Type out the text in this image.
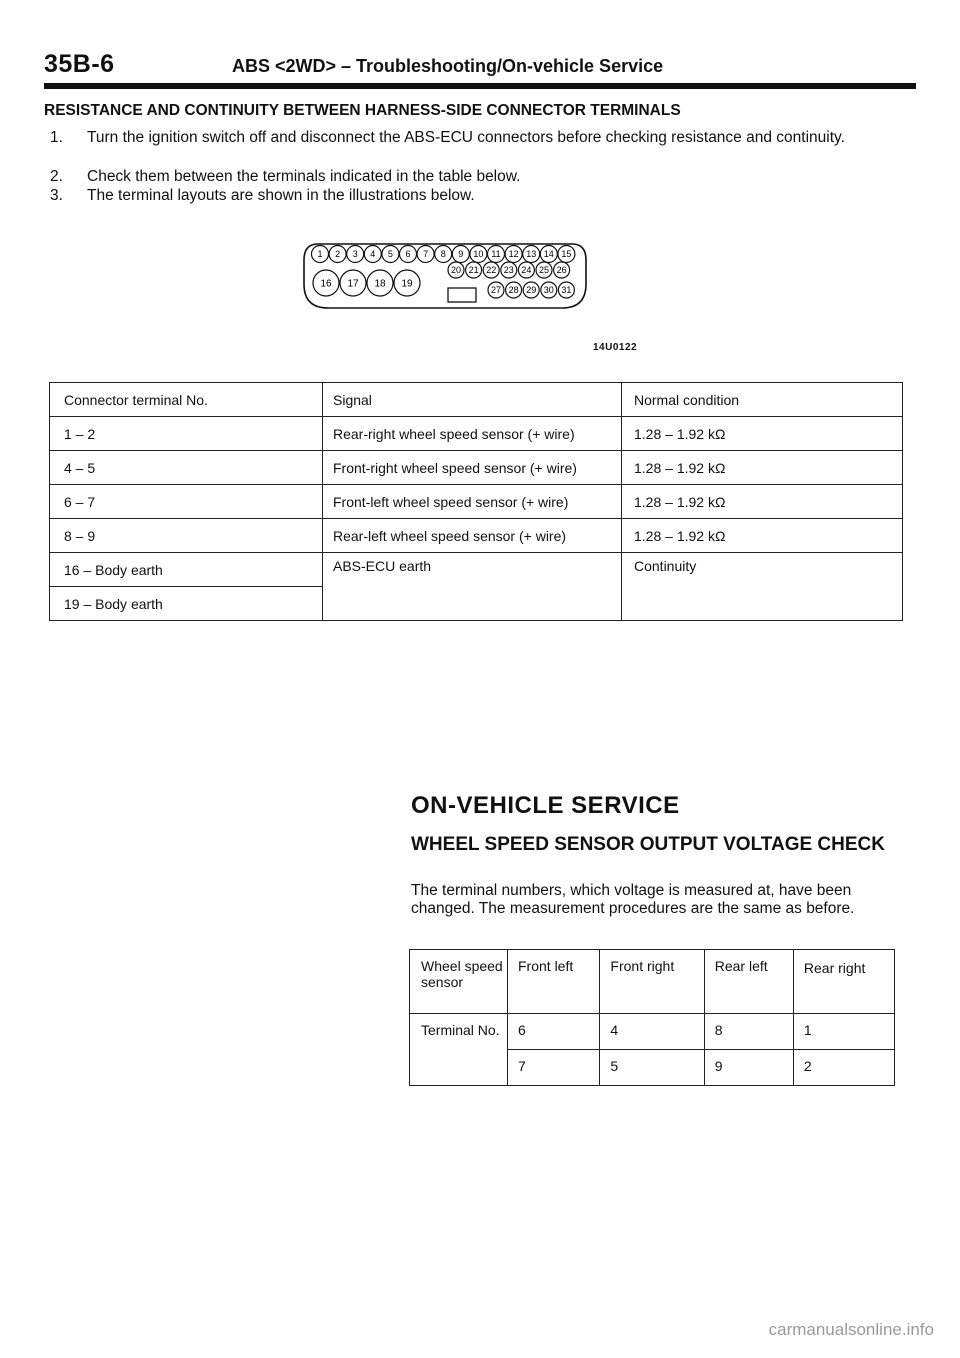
35B-6	ABS <2WD> – Troubleshooting/On-vehicle Service
RESISTANCE AND CONTINUITY BETWEEN HARNESS-SIDE CONNECTOR TERMINALS
1. Turn the ignition switch off and disconnect the ABS-ECU connectors before checking resistance and continuity.
2. Check them between the terminals indicated in the table below.
3. The terminal layouts are shown in the illustrations below.
1 2 3 4 5 6 7 8 9 10 11 12 13 14 15
16 17 18 19
20 21 22 23 24 25 26
27 28 29 30 31
14U0122
Connector terminal No.	Signal	Normal condition
1 – 2	Rear-right wheel speed sensor (+ wire)	1.28 – 1.92 kΩ
4 – 5	Front-right wheel speed sensor (+ wire)	1.28 – 1.92 kΩ
6 – 7	Front-left wheel speed sensor (+ wire)	1.28 – 1.92 kΩ
8 – 9	Rear-left wheel speed sensor (+ wire)	1.28 – 1.92 kΩ
16 – Body earth	ABS-ECU earth	Continuity
19 – Body earth		
ON-VEHICLE SERVICE
WHEEL SPEED SENSOR OUTPUT VOLTAGE CHECK
The terminal numbers, which voltage is measured at, have been changed. The measurement procedures are the same as before.
Wheel speed sensor	Front left	Front right	Rear left	Rear right
Terminal No.	6	4	8	1
	7	5	9	2
carmanualsonline.info
